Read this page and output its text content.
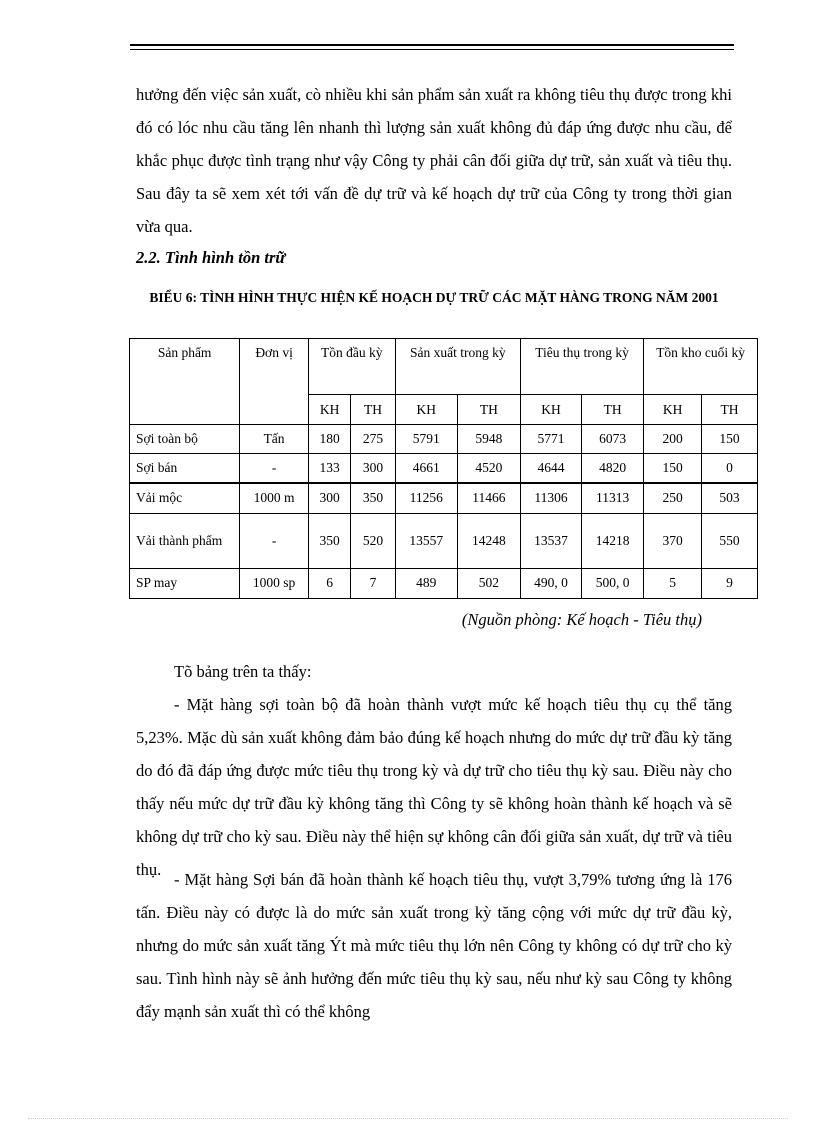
hưởng đến việc sản xuất, cò nhiều khi sản phẩm sản xuất ra không tiêu thụ được trong khi đó có lóc nhu cầu tăng lên nhanh thì lượng sản xuất không đủ đáp ứng được nhu cầu, để khắc phục được tình trạng như vậy Công ty phải cân đối giữa dự trữ, sản xuất và tiêu thụ. Sau đây ta sẽ xem xét tới vấn đề dự trữ và kế hoạch dự trữ của Công ty trong thời gian vừa qua.

2.2. Tình hình tồn trữ

BIỂU 6: TÌNH HÌNH THỰC HIỆN KẾ HOẠCH DỰ TRỮ CÁC MẶT HÀNG TRONG NĂM 2001

Sản phẩm	Đơn vị	Tồn đầu kỳ		Sản xuất trong kỳ		Tiêu thụ trong kỳ		Tồn kho cuối kỳ	
		KH	TH	KH	TH	KH	TH	KH	TH
Sợi toàn bộ	Tấn	180	275	5791	5948	5771	6073	200	150
Sợi bán	-	133	300	4661	4520	4644	4820	150	0
Vải mộc	1000 m	300	350	11256	11466	11306	11313	250	503
Vải thành phẩm	-	350	520	13557	14248	13537	14218	370	550
SP may	1000 sp	6	7	489	502	490, 0	500, 0	5	9

(Nguồn phòng: Kế hoạch - Tiêu thụ)

Tõ bảng trên ta thấy:

- Mặt hàng sợi toàn bộ đã hoàn thành vượt mức kế hoạch tiêu thụ cụ thể tăng 5,23%. Mặc dù sản xuất không đảm bảo đúng kế hoạch nhưng do mức dự trữ đầu kỳ tăng do đó đã đáp ứng được mức tiêu thụ trong kỳ và dự trữ cho tiêu thụ kỳ sau. Điều này cho thấy nếu mức dự trữ đầu kỳ không tăng thì Công ty sẽ không hoàn thành kế hoạch và sẽ không dự trữ cho kỳ sau. Điều này thể hiện sự không cân đối giữa sản xuất, dự trữ và tiêu thụ.

- Mặt hàng Sợi bán đã hoàn thành kế hoạch tiêu thụ, vượt 3,79% tương ứng là 176 tấn. Điều này có được là do mức sản xuất trong kỳ tăng cộng với mức dự trữ đầu kỳ, nhưng do mức sản xuất tăng Ýt mà mức tiêu thụ lớn nên Công ty không có dự trữ cho kỳ sau. Tình hình này sẽ ảnh hưởng đến mức tiêu thụ kỳ sau, nếu như kỳ sau Công ty không đẩy mạnh sản xuất thì có thể không
